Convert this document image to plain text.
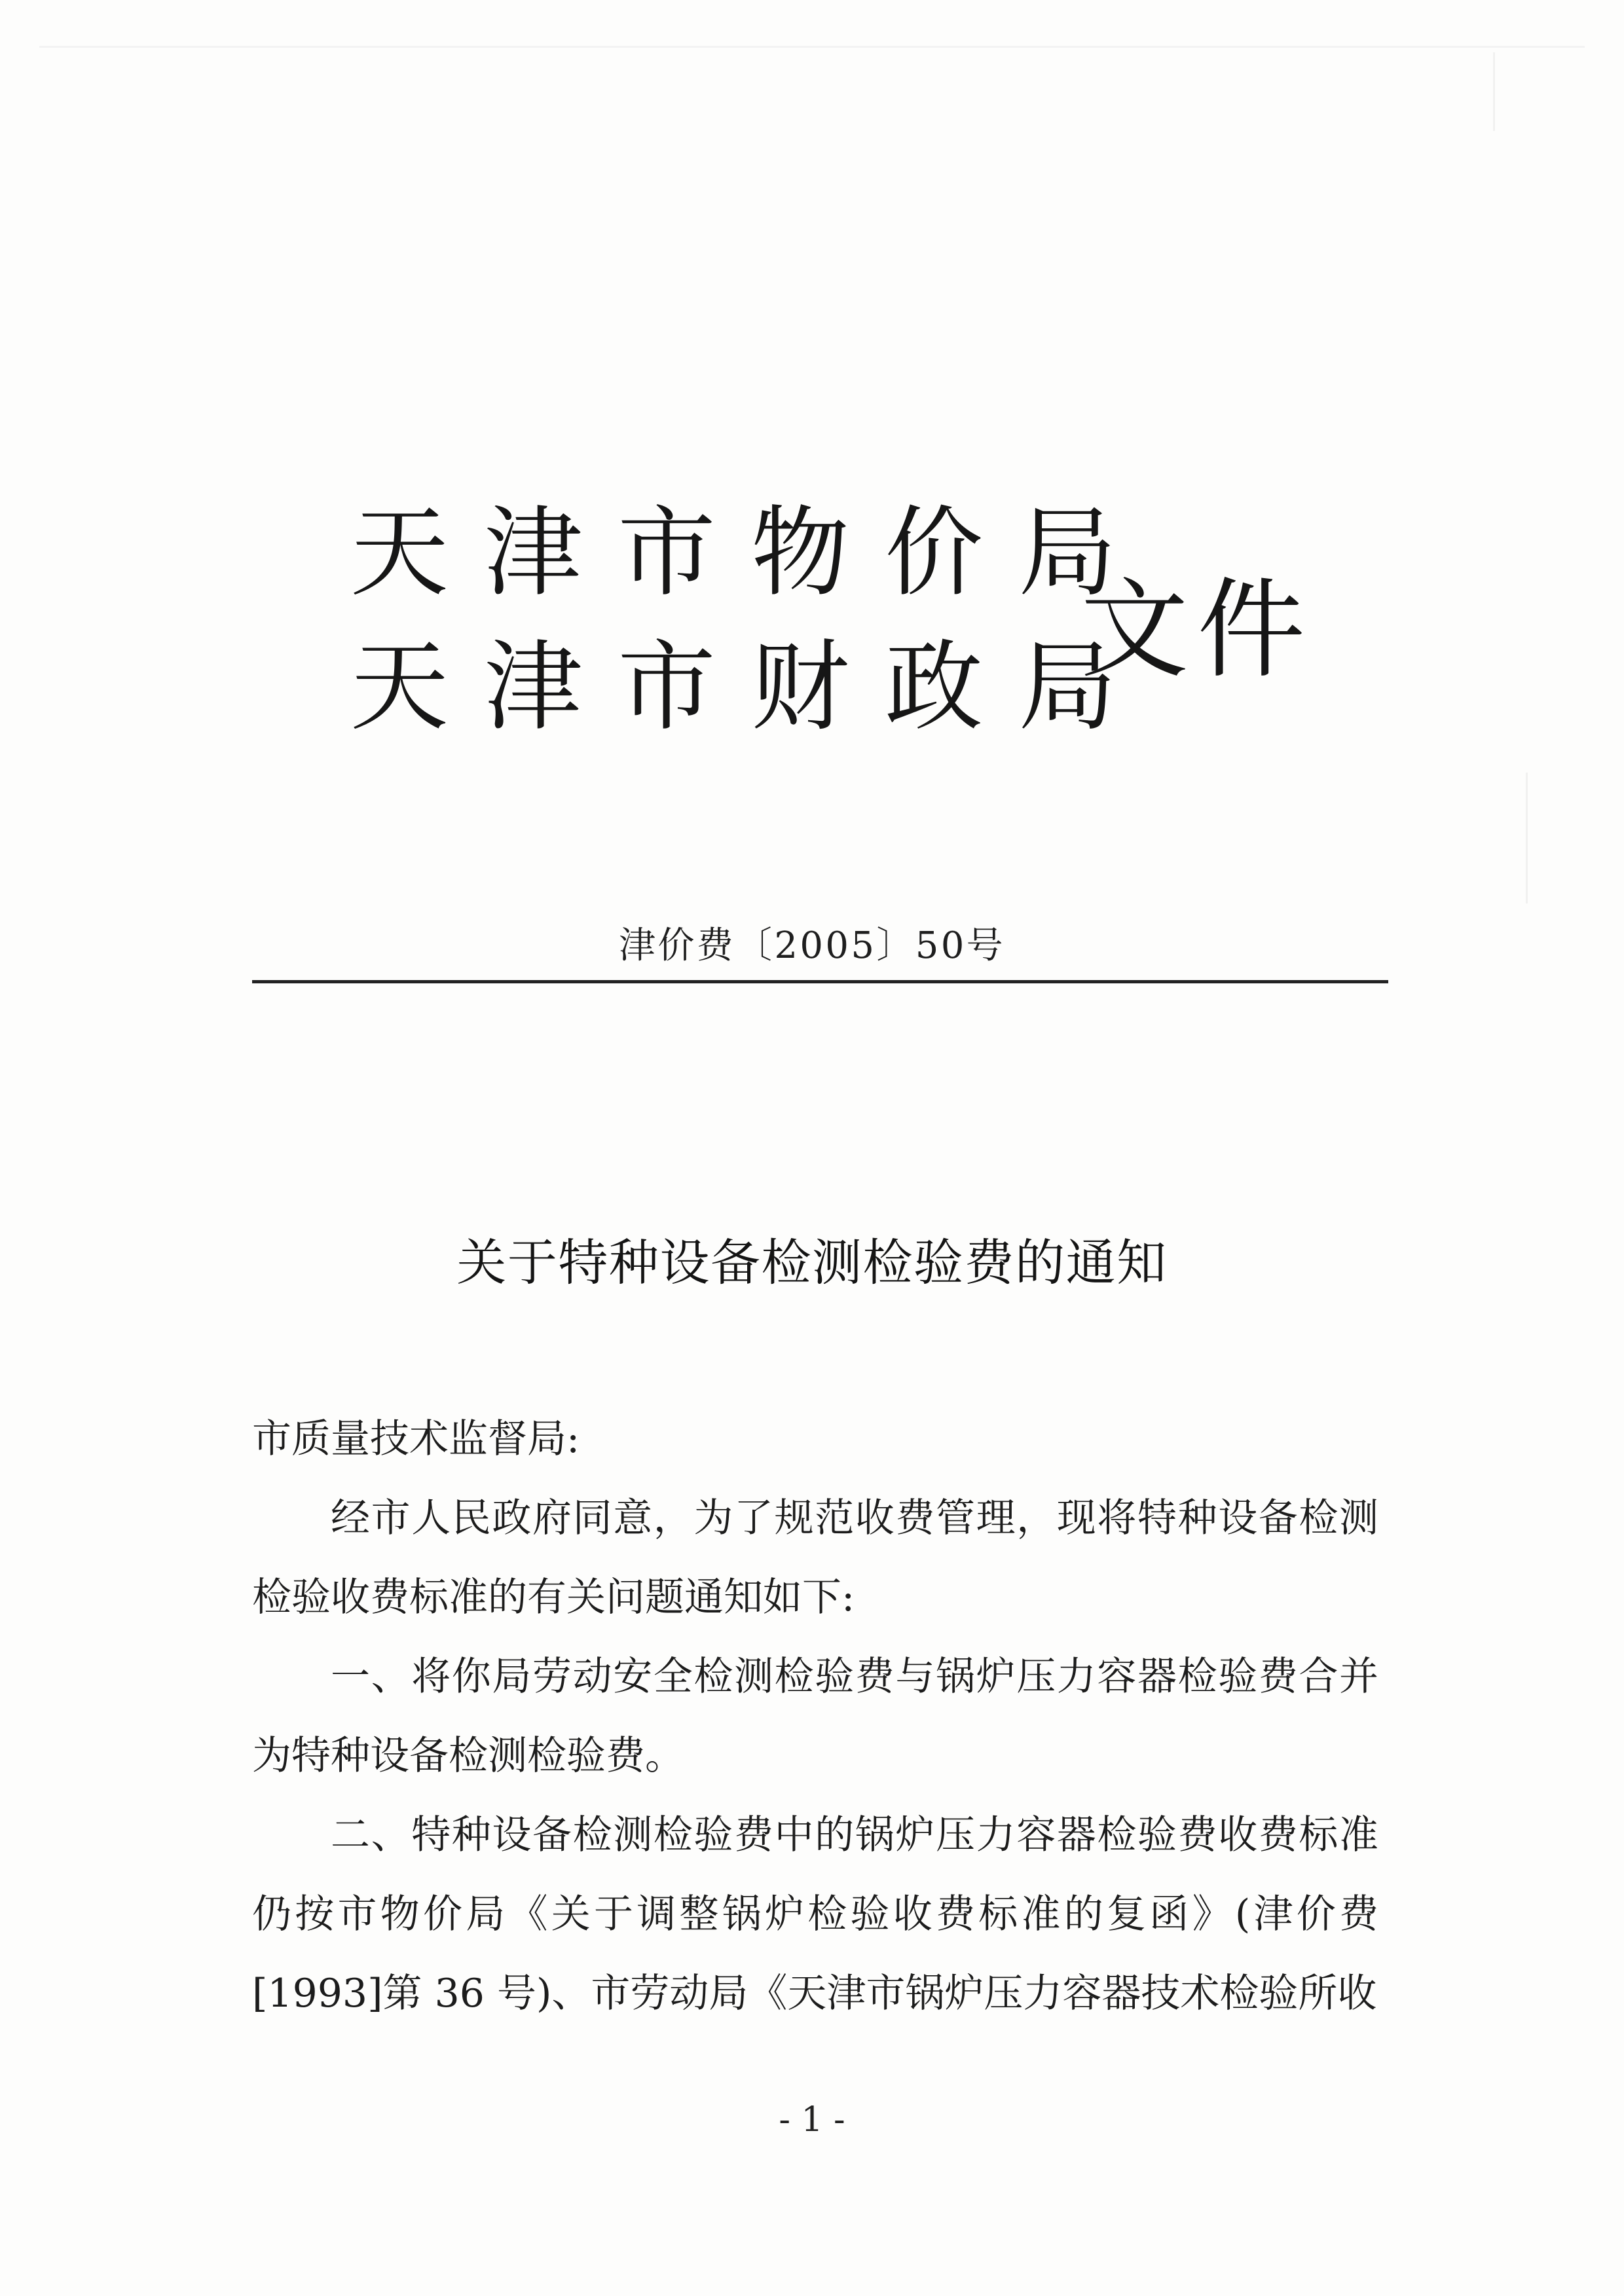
天津市物价局
天津市财政局
文件
津价费〔2005〕50号
关于特种设备检测检验费的通知

市质量技术监督局:

经市人民政府同意，为了规范收费管理，现将特种设备检测检验收费标准的有关问题通知如下:

一、将你局劳动安全检测检验费与锅炉压力容器检验费合并为特种设备检测检验费。

二、特种设备检测检验费中的锅炉压力容器检验费收费标准仍按市物价局《关于调整锅炉检验收费标准的复函》(津价费[1993]第 36 号)、市劳动局《天津市锅炉压力容器技术检验所收

- 1 -
